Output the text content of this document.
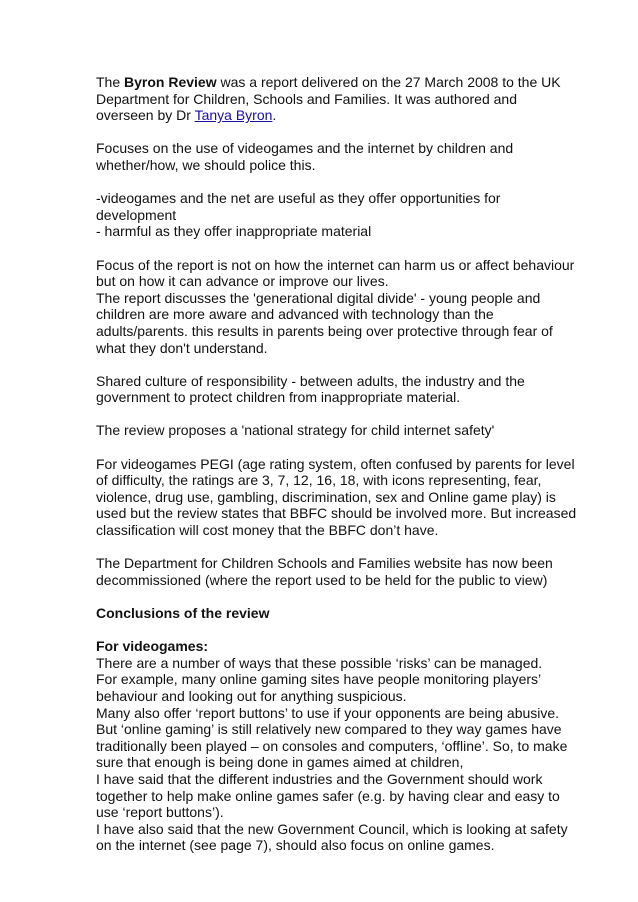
The Byron Review was a report delivered on the 27 March 2008 to the UK Department for Children, Schools and Families. It was authored and overseen by Dr Tanya Byron.

Focuses on the use of videogames and the internet by children and whether/how, we should police this.

-videogames and the net are useful as they offer opportunities for development
- harmful as they offer inappropriate material

Focus of the report is not on how the internet can harm us or affect behaviour but on how it can advance or improve our lives.
The report discusses the 'generational digital divide' - young people and children are more aware and advanced with technology than the adults/parents. this results in parents being over protective through fear of what they don't understand.

Shared culture of responsibility - between adults, the industry and the government to protect children from inappropriate material.

The review proposes a 'national strategy for child internet safety'

For videogames PEGI (age rating system, often confused by parents for level of difficulty, the ratings are 3, 7, 12, 16, 18, with icons representing, fear, violence, drug use, gambling, discrimination, sex and Online game play) is used but the review states that BBFC should be involved more. But increased classification will cost money that the BBFC don’t have.

The Department for Children Schools and Families website has now been decommissioned (where the report used to be held for the public to view)

Conclusions of the review

For videogames:
There are a number of ways that these possible ‘risks’ can be managed.
For example, many online gaming sites have people monitoring players’ behaviour and looking out for anything suspicious.
Many also offer ‘report buttons’ to use if your opponents are being abusive.
But ‘online gaming’ is still relatively new compared to they way games have traditionally been played – on consoles and computers, ‘offline’. So, to make sure that enough is being done in games aimed at children,
I have said that the different industries and the Government should work together to help make online games safer (e.g. by having clear and easy to use ‘report buttons’).
I have also said that the new Government Council, which is looking at safety on the internet (see page 7), should also focus on online games.
